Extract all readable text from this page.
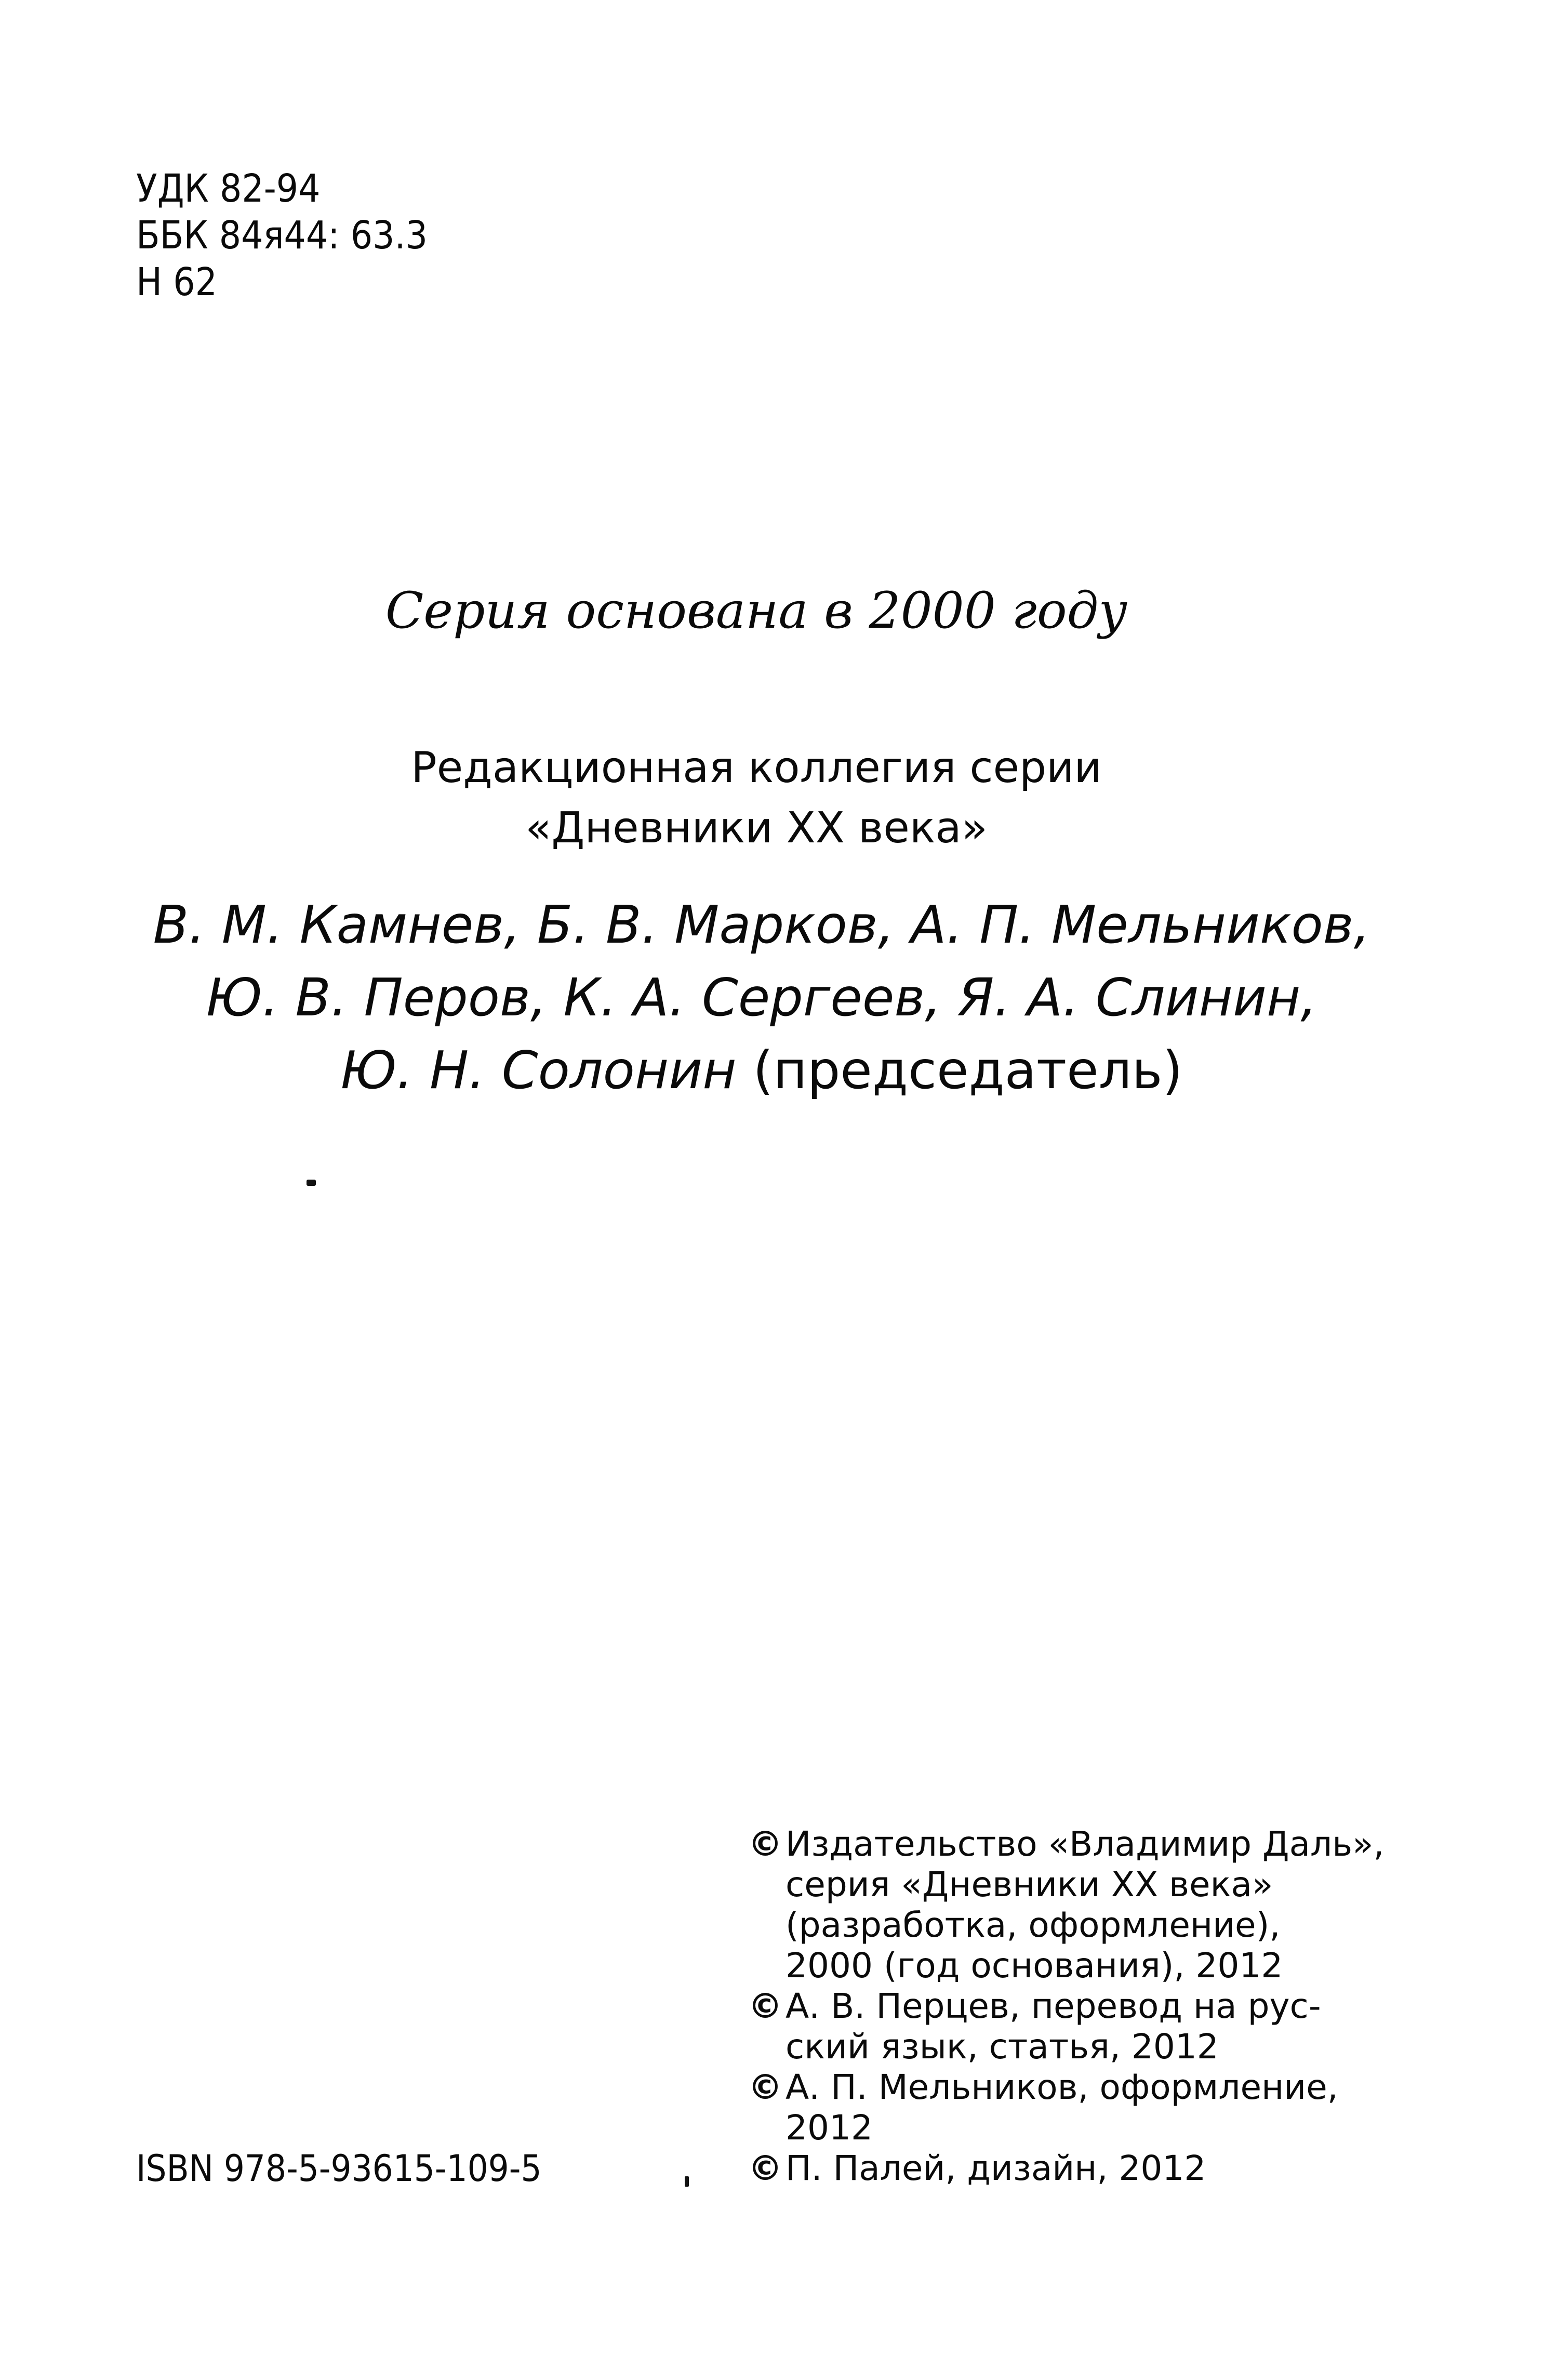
УДК 82-94
ББК 84я44: 63.3
Н 62
Серия основана в 2000 году
Редакционная коллегия серии
«Дневники XX века»
В. М. Камнев, Б. В. Марков, А. П. Мельников,
Ю. В. Перов, К. А. Сергеев, Я. А. Слинин,
Ю. Н. Солонин (председатель)
ISBN 978-5-93615-109-5
© Издательство «Владимир Даль»,
серия «Дневники XX века»
(разработка, оформление),
2000 (год основания), 2012
© А. В. Перцев, перевод на рус-
ский язык, статья, 2012
© А. П. Мельников, оформление,
2012
© П. Палей, дизайн, 2012
